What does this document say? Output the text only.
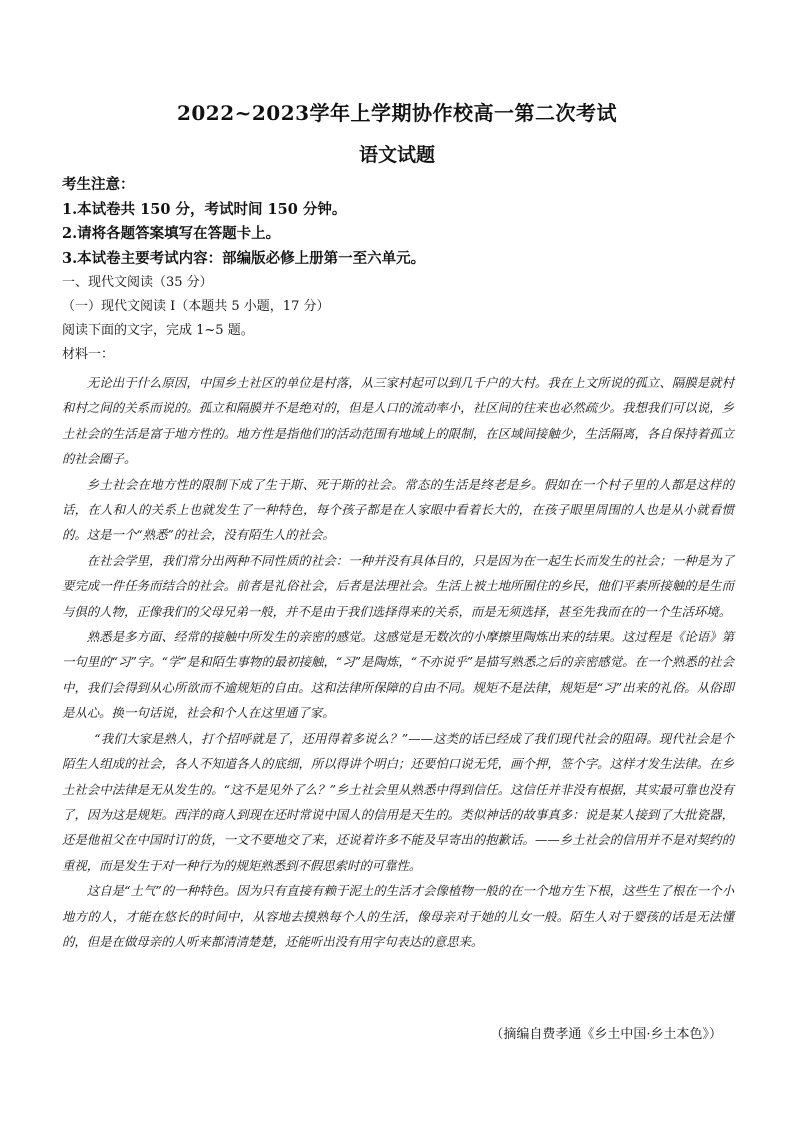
2022~2023学年上学期协作校高一第二次考试
语文试题
考生注意：
1.本试卷共 150 分，考试时间 150 分钟。
2.请将各题答案填写在答题卡上。
3.本试卷主要考试内容：部编版必修上册第一至六单元。
一、现代文阅读（35 分）
（一）现代文阅读 I（本题共 5 小题，17 分）
阅读下面的文字，完成 1~5 题。
材料一：

无论出于什么原因，中国乡土社区的单位是村落，从三家村起可以到几千户的大村。我在上文所说的孤立、隔膜是就村和村之间的关系而说的。孤立和隔膜并不是绝对的，但是人口的流动率小，社区间的往来也必然疏少。我想我们可以说，乡土社会的生活是富于地方性的。地方性是指他们的活动范围有地域上的限制，在区域间接触少，生活隔离，各自保持着孤立的社会圈子。

乡土社会在地方性的限制下成了生于斯、死于斯的社会。常态的生活是终老是乡。假如在一个村子里的人都是这样的话，在人和人的关系上也就发生了一种特色，每个孩子都是在人家眼中看着长大的，在孩子眼里周围的人也是从小就看惯的。这是一个“熟悉”的社会，没有陌生人的社会。

在社会学里，我们常分出两种不同性质的社会：一种并没有具体目的，只是因为在一起生长而发生的社会；一种是为了要完成一件任务而结合的社会。前者是礼俗社会，后者是法理社会。生活上被土地所囿住的乡民，他们平素所接触的是生而与俱的人物，正像我们的父母兄弟一般，并不是由于我们选择得来的关系，而是无须选择，甚至先我而在的一个生活环境。

熟悉是多方面、经常的接触中所发生的亲密的感觉。这感觉是无数次的小摩擦里陶炼出来的结果。这过程是《论语》第一句里的“习”字。“学”是和陌生事物的最初接触，“习”是陶炼，“不亦说乎”是描写熟悉之后的亲密感觉。在一个熟悉的社会中，我们会得到从心所欲而不逾规矩的自由。这和法律所保障的自由不同。规矩不是法律，规矩是“习”出来的礼俗。从俗即是从心。换一句话说，社会和个人在这里通了家。

“我们大家是熟人，打个招呼就是了，还用得着多说么？”——这类的话已经成了我们现代社会的阻碍。现代社会是个陌生人组成的社会，各人不知道各人的底细，所以得讲个明白；还要怕口说无凭，画个押，签个字。这样才发生法律。在乡土社会中法律是无从发生的。“这不是见外了么？”乡土社会里从熟悉中得到信任。这信任并非没有根据，其实最可靠也没有了，因为这是规矩。西洋的商人到现在还时常说中国人的信用是天生的。类似神话的故事真多：说是某人接到了大批瓷器，还是他祖父在中国时订的货，一文不要地交了来，还说着许多不能及早寄出的抱歉话。——乡土社会的信用并不是对契约的重视，而是发生于对一种行为的规矩熟悉到不假思索时的可靠性。

这自是“土气”的一种特色。因为只有直接有赖于泥土的生活才会像植物一般的在一个地方生下根，这些生了根在一个小地方的人，才能在悠长的时间中，从容地去摸熟每个人的生活，像母亲对于她的儿女一般。陌生人对于婴孩的话是无法懂的，但是在做母亲的人听来都清清楚楚，还能听出没有用字句表达的意思来。

（摘编自费孝通《乡土中国·乡土本色》）
